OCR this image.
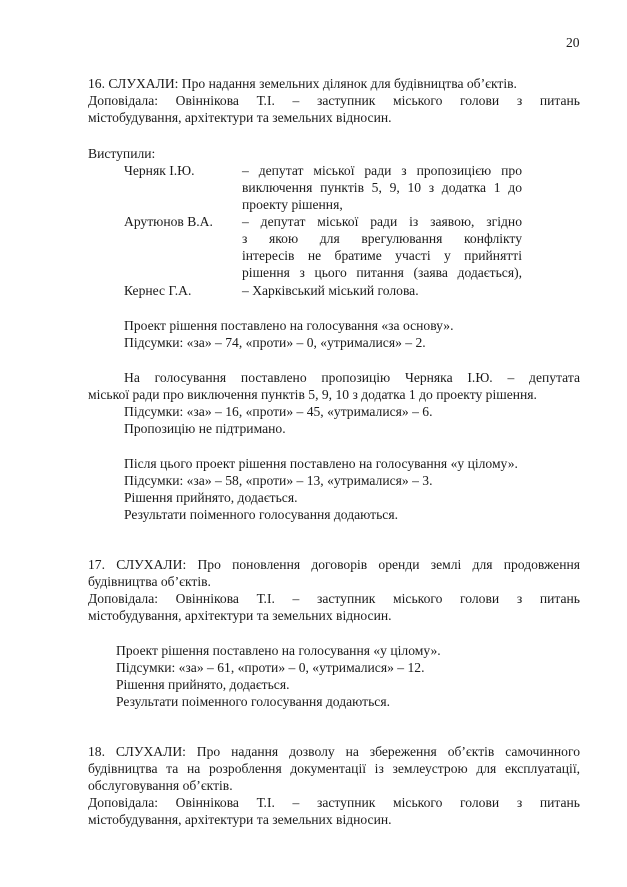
20
16. СЛУХАЛИ: Про надання земельних ділянок для будівництва об’єктів.
Доповідала: Овіннікова Т.І. – заступник міського голови з питань
містобудування, архітектури та земельних відносин.
Виступили:
Черняк І.Ю.	– депутат міської ради з пропозицією про
виключення пунктів 5, 9, 10 з додатка 1 до
проекту рішення,
Арутюнов В.А. – депутат міської ради із заявою, згідно
з якою для врегулювання конфлікту
інтересів не братиме участі у прийнятті
рішення з цього питання (заява додається),
Кернес Г.А.	– Харківський міський голова.
Проект рішення поставлено на голосування «за основу».
Підсумки: «за» – 74, «проти» – 0, «утрималися» – 2.
На голосування поставлено пропозицію Черняка І.Ю. – депутата
міської ради про виключення пунктів 5, 9, 10 з додатка 1 до проекту рішення.
Підсумки: «за» – 16, «проти» – 45, «утрималися» – 6.
Пропозицію не підтримано.
Після цього проект рішення поставлено на голосування «у цілому».
Підсумки: «за» – 58, «проти» – 13, «утрималися» – 3.
Рішення прийнято, додається.
Результати поіменного голосування додаються.
17. СЛУХАЛИ: Про поновлення договорів оренди землі для продовження
будівництва об’єктів.
Доповідала: Овіннікова Т.І. – заступник міського голови з питань
містобудування, архітектури та земельних відносин.
Проект рішення поставлено на голосування «у цілому».
Підсумки: «за» – 61, «проти» – 0, «утрималися» – 12.
Рішення прийнято, додається.
Результати поіменного голосування додаються.
18. СЛУХАЛИ: Про надання дозволу на збереження об’єктів самочинного
будівництва та на розроблення документації із землеустрою для експлуатації,
обслуговування об’єктів.
Доповідала: Овіннікова Т.І. – заступник міського голови з питань
містобудування, архітектури та земельних відносин.
